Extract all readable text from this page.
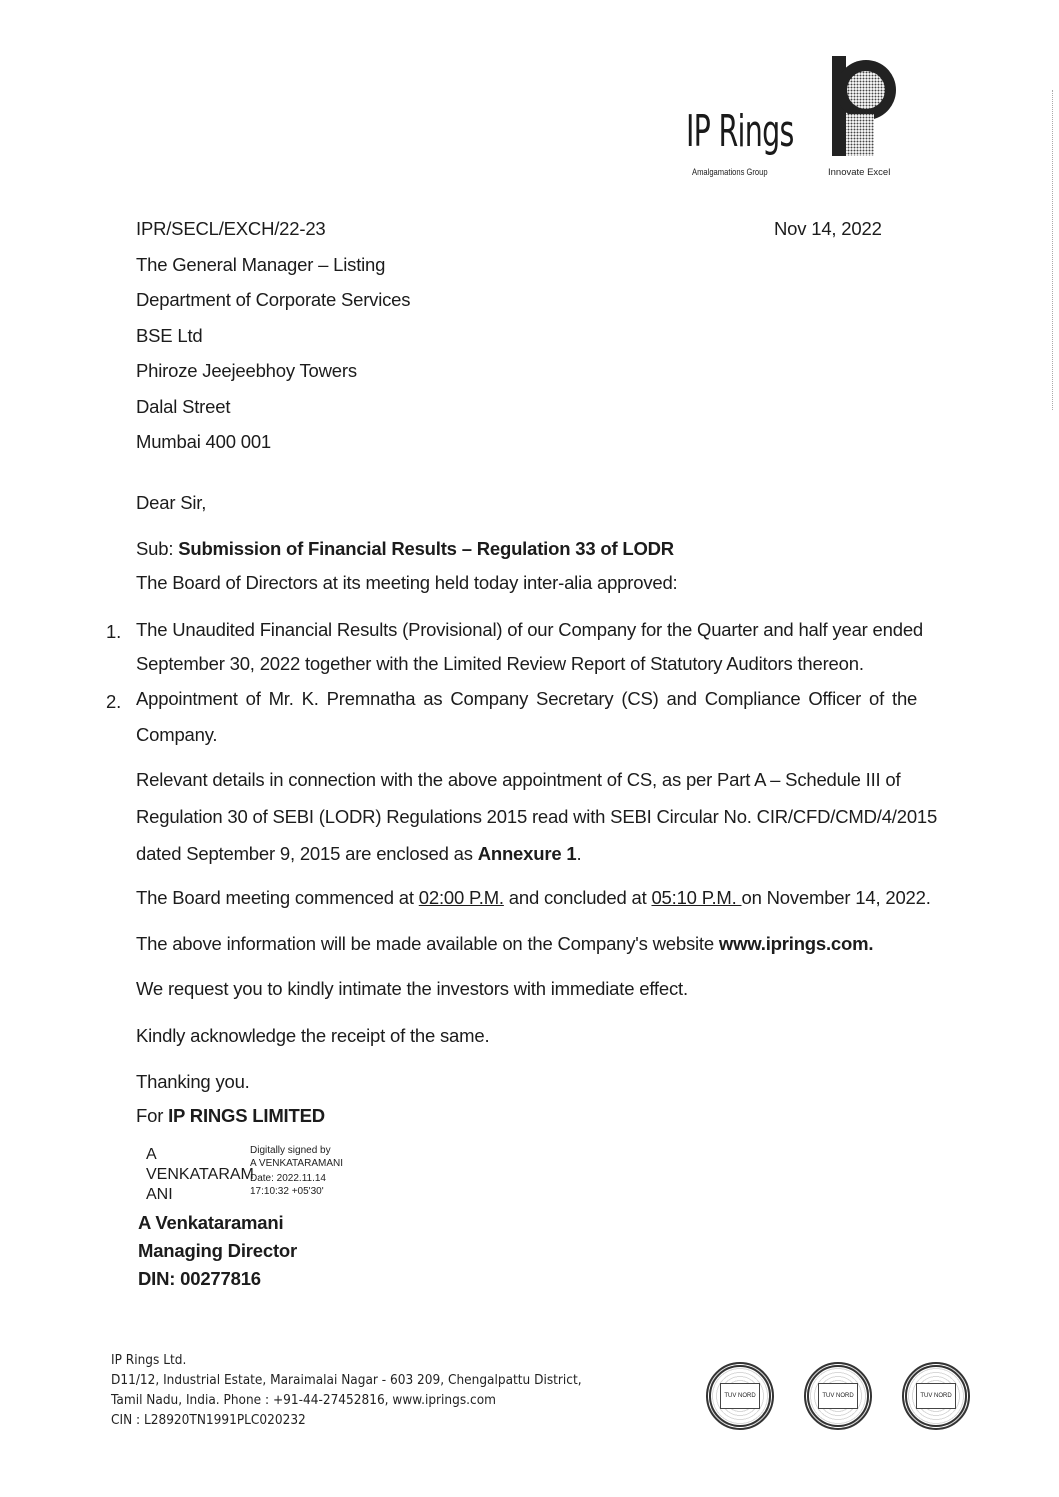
IP Rings
Amalgamations Group	Innovate Excel
IPR/SECL/EXCH/22-23	Nov 14, 2022
The General Manager – Listing
Department of Corporate Services
BSE Ltd
Phiroze Jeejeebhoy Towers
Dalal Street
Mumbai 400 001
Dear Sir,
Sub: Submission of Financial Results – Regulation 33 of LODR
The Board of Directors at its meeting held today inter-alia approved:
1. The Unaudited Financial Results (Provisional) of our Company for the Quarter and half year ended
September 30, 2022 together with the Limited Review Report of Statutory Auditors thereon.
2. Appointment of Mr. K. Premnatha as Company Secretary (CS) and Compliance Officer of the
Company.
Relevant details in connection with the above appointment of CS, as per Part A – Schedule III of
Regulation 30 of SEBI (LODR) Regulations 2015 read with SEBI Circular No. CIR/CFD/CMD/4/2015
dated September 9, 2015 are enclosed as Annexure 1.
The Board meeting commenced at 02:00 P.M. and concluded at 05:10 P.M. on November 14, 2022.
The above information will be made available on the Company's website www.iprings.com.
We request you to kindly intimate the investors with immediate effect.
Kindly acknowledge the receipt of the same.
Thanking you.
For IP RINGS LIMITED
A
VENKATARAM
ANI
Digitally signed by
A VENKATARAMANI
Date: 2022.11.14
17:10:32 +05'30'
A Venkataramani
Managing Director
DIN: 00277816
IP Rings Ltd.
D11/12, Industrial Estate, Maraimalai Nagar - 603 209, Chengalpattu District,
Tamil Nadu, India. Phone : +91-44-27452816, www.iprings.com
CIN : L28920TN1991PLC020232
TUV NORD	TUV NORD	TUV NORD
